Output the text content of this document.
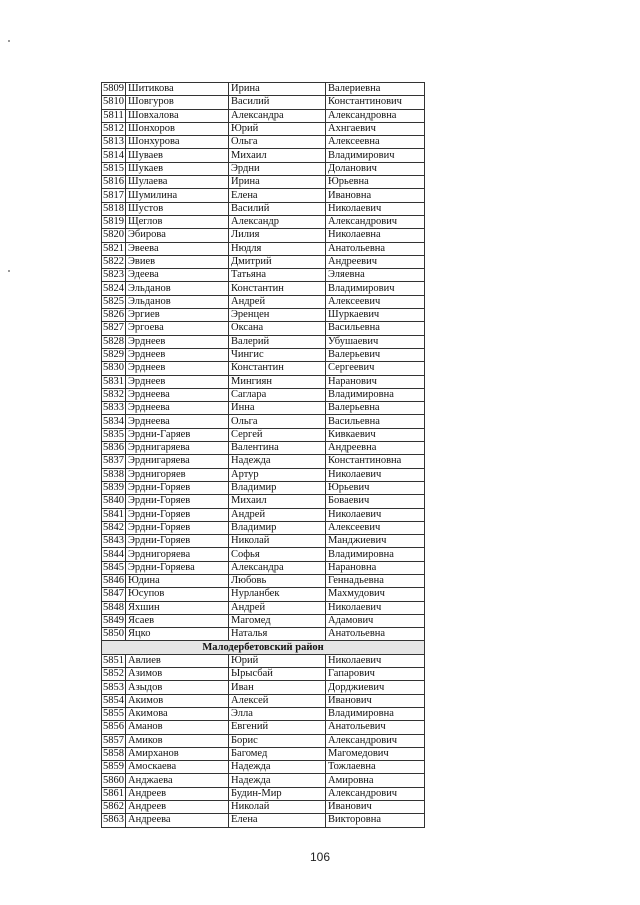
5809	Шитикова	Ирина	Валериевна
5810	Шовгуров	Василий	Константинович
5811	Шовхалова	Александра	Александровна
5812	Шонхоров	Юрий	Ахнгаевич
5813	Шонхурова	Ольга	Алексеевна
5814	Шуваев	Михаил	Владимирович
5815	Шукаев	Эрдни	Доланович
5816	Шулаева	Ирина	Юрьевна
5817	Шумилина	Елена	Ивановна
5818	Шустов	Василий	Николаевич
5819	Щеглов	Александр	Александрович
5820	Эбирова	Лилия	Николаевна
5821	Эвеева	Нюдля	Анатольевна
5822	Эвиев	Дмитрий	Андреевич
5823	Эдеева	Татьяна	Эляевна
5824	Эльданов	Константин	Владимирович
5825	Эльданов	Андрей	Алексеевич
5826	Эргиев	Эренцен	Шуркаевич
5827	Эргоева	Оксана	Васильевна
5828	Эрднеев	Валерий	Убушаевич
5829	Эрднеев	Чингис	Валерьевич
5830	Эрднеев	Константин	Сергеевич
5831	Эрднеев	Мингиян	Наранович
5832	Эрднеева	Саглара	Владимировна
5833	Эрднеева	Инна	Валерьевна
5834	Эрднеева	Ольга	Васильевна
5835	Эрдни-Гаряев	Сергей	Кивкаевич
5836	Эрднигаряева	Валентина	Андреевна
5837	Эрднигаряева	Надежда	Константиновна
5838	Эрднигоряев	Артур	Николаевич
5839	Эрдни-Горяев	Владимир	Юрьевич
5840	Эрдни-Горяев	Михаил	Боваевич
5841	Эрдни-Горяев	Андрей	Николаевич
5842	Эрдни-Горяев	Владимир	Алексеевич
5843	Эрдни-Горяев	Николай	Манджиевич
5844	Эрднигоряева	Софья	Владимировна
5845	Эрдни-Горяева	Александра	Нарановна
5846	Юдина	Любовь	Геннадьевна
5847	Юсупов	Нурланбек	Махмудович
5848	Яхшин	Андрей	Николаевич
5849	Ясаев	Магомед	Адамович
5850	Яцко	Наталья	Анатольевна
Малодербетовский район			
5851	Авлиев	Юрий	Николаевич
5852	Азимов	Ырысбай	Гапарович
5853	Азыдов	Иван	Дорджиевич
5854	Акимов	Алексей	Иванович
5855	Акимова	Элла	Владимировна
5856	Аманов	Евгений	Анатольевич
5857	Амиков	Борис	Александрович
5858	Амирханов	Багомед	Магомедович
5859	Амоскаева	Надежда	Тожлаевна
5860	Анджаева	Надежда	Амировна
5861	Андреев	Будин-Мир	Александрович
5862	Андреев	Николай	Иванович
5863	Андреева	Елена	Викторовна
106
